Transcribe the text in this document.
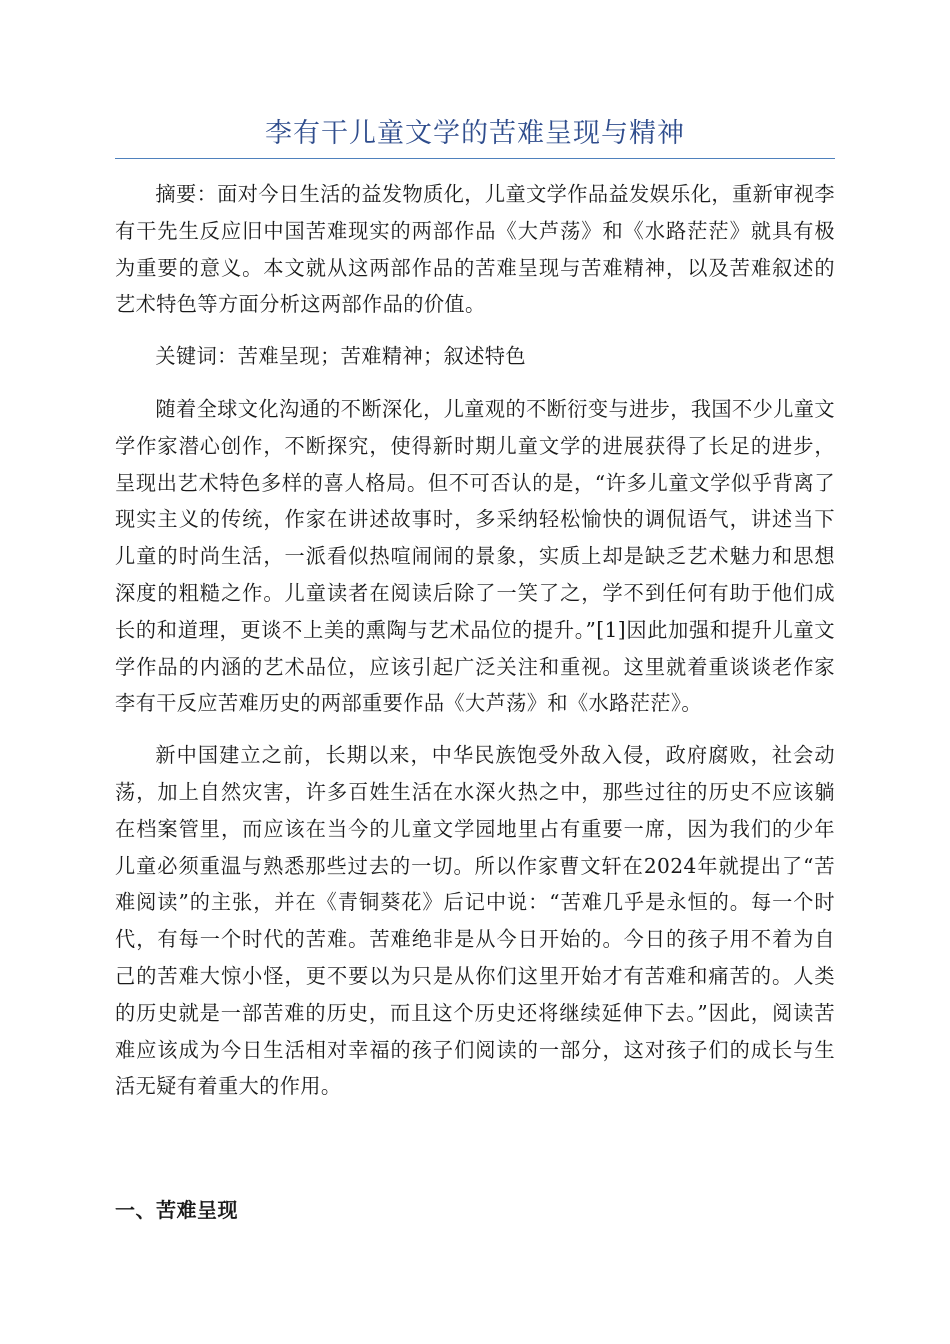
李有干儿童文学的苦难呈现与精神

摘要：面对今日生活的益发物质化，儿童文学作品益发娱乐化，重新审视李有干先生反应旧中国苦难现实的两部作品《大芦荡》和《水路茫茫》就具有极为重要的意义。本文就从这两部作品的苦难呈现与苦难精神，以及苦难叙述的艺术特色等方面分析这两部作品的价值。

关键词：苦难呈现；苦难精神；叙述特色

随着全球文化沟通的不断深化，儿童观的不断衍变与进步，我国不少儿童文学作家潜心创作，不断探究，使得新时期儿童文学的进展获得了长足的进步，呈现出艺术特色多样的喜人格局。但不可否认的是，“许多儿童文学似乎背离了现实主义的传统，作家在讲述故事时，多采纳轻松愉快的调侃语气，讲述当下儿童的时尚生活，一派看似热喧闹闹的景象，实质上却是缺乏艺术魅力和思想深度的粗糙之作。儿童读者在阅读后除了一笑了之，学不到任何有助于他们成长的和道理，更谈不上美的熏陶与艺术品位的提升。”[1]因此加强和提升儿童文学作品的内涵的艺术品位，应该引起广泛关注和重视。这里就着重谈谈老作家李有干反应苦难历史的两部重要作品《大芦荡》和《水路茫茫》。

新中国建立之前，长期以来，中华民族饱受外敌入侵，政府腐败，社会动荡，加上自然灾害，许多百姓生活在水深火热之中，那些过往的历史不应该躺在档案管里，而应该在当今的儿童文学园地里占有重要一席，因为我们的少年儿童必须重温与熟悉那些过去的一切。所以作家曹文轩在2024年就提出了“苦难阅读”的主张，并在《青铜葵花》后记中说：“苦难几乎是永恒的。每一个时代，有每一个时代的苦难。苦难绝非是从今日开始的。今日的孩子用不着为自己的苦难大惊小怪，更不要以为只是从你们这里开始才有苦难和痛苦的。人类的历史就是一部苦难的历史，而且这个历史还将继续延伸下去。”因此，阅读苦难应该成为今日生活相对幸福的孩子们阅读的一部分，这对孩子们的成长与生活无疑有着重大的作用。

一、苦难呈现
